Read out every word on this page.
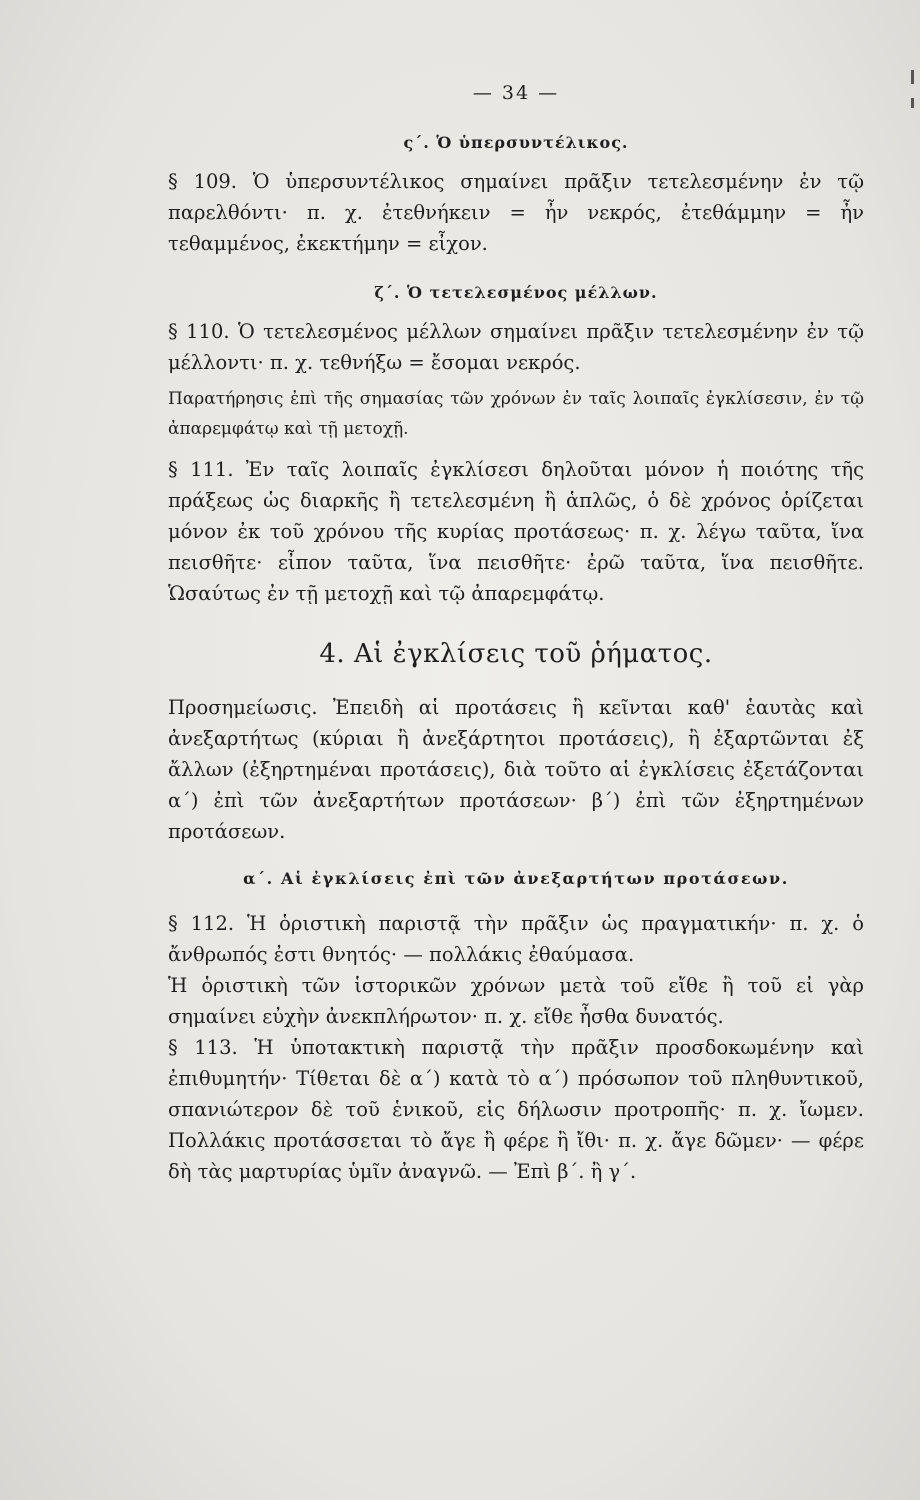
— 34 —
ς΄. Ὁ ὑπερσυντέλικος.

§ 109. Ὁ ὑπερσυντέλικος σημαίνει πρᾶξιν τετελεσμένην ἐν τῷ παρελθόντι· π. χ. ἐτεθνήκειν = ἦν νεκρός, ἐτεθάμμην = ἦν τεθαμμένος, ἐκεκτήμην = εἶχον.

ζ΄. Ὁ τετελεσμένος μέλλων.

§ 110. Ὁ τετελεσμένος μέλλων σημαίνει πρᾶξιν τετελεσμένην ἐν τῷ μέλλοντι· π. χ. τεθνήξω = ἔσομαι νεκρός.

Παρατήρησις ἐπὶ τῆς σημασίας τῶν χρόνων ἐν ταῖς λοιπαῖς ἐγκλίσεσιν, ἐν τῷ ἀπαρεμφάτῳ καὶ τῇ μετοχῇ.

§ 111. Ἐν ταῖς λοιπαῖς ἐγκλίσεσι δηλοῦται μόνον ἡ ποιότης τῆς πράξεως ὡς διαρκῆς ἢ τετελεσμένη ἢ ἁπλῶς, ὁ δὲ χρόνος ὁρίζεται μόνον ἐκ τοῦ χρόνου τῆς κυρίας προτάσεως· π. χ. λέγω ταῦτα, ἵνα πεισθῆτε· εἶπον ταῦτα, ἵνα πεισθῆτε· ἐρῶ ταῦτα, ἵνα πεισθῆτε. Ὡσαύτως ἐν τῇ μετοχῇ καὶ τῷ ἀπαρεμφάτῳ.

4. Αἱ ἐγκλίσεις τοῦ ῥήματος.

Προσημείωσις. Ἐπειδὴ αἱ προτάσεις ἢ κεῖνται καθ' ἑαυτὰς καὶ ἀνεξαρτήτως (κύριαι ἢ ἀνεξάρτητοι προτάσεις), ἢ ἐξαρτῶνται ἐξ ἄλλων (ἐξηρτημέναι προτάσεις), διὰ τοῦτο αἱ ἐγκλίσεις ἐξετάζονται α΄) ἐπὶ τῶν ἀνεξαρτήτων προτάσεων· β΄) ἐπὶ τῶν ἐξηρτημένων προτάσεων.

α΄. Αἱ ἐγκλίσεις ἐπὶ τῶν ἀνεξαρτήτων προτάσεων.

§ 112. Ἡ ὁριστικὴ παριστᾷ τὴν πρᾶξιν ὡς πραγματικήν· π. χ. ὁ ἄνθρωπός ἐστι θνητός· — πολλάκις ἐθαύμασα.

Ἡ ὁριστικὴ τῶν ἱστορικῶν χρόνων μετὰ τοῦ εἴθε ἢ τοῦ εἰ γὰρ σημαίνει εὐχὴν ἀνεκπλήρωτον· π. χ. εἴθε ἦσθα δυνατός.

§ 113. Ἡ ὑποτακτικὴ παριστᾷ τὴν πρᾶξιν προσδοκωμένην καὶ ἐπιθυμητήν· Τίθεται δὲ α΄) κατὰ τὸ α΄) πρόσωπον τοῦ πληθυντικοῦ, σπανιώτερον δὲ τοῦ ἑνικοῦ, εἰς δήλωσιν προτροπῆς· π. χ. ἴωμεν. Πολλάκις προτάσσεται τὸ ἄγε ἢ φέρε ἢ ἴθι· π. χ. ἄγε δῶμεν· — φέρε δὴ τὰς μαρτυρίας ὑμῖν ἀναγνῶ. — Ἐπὶ β΄. ἢ γ΄.
